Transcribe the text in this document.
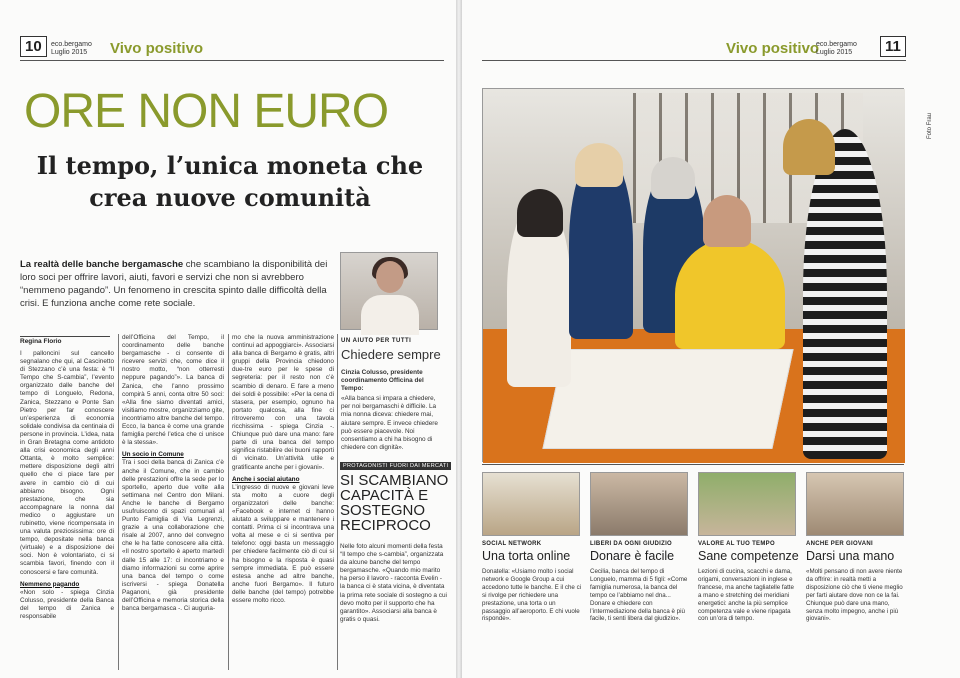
10	Vivo positivo
eco.bergamo
Luglio 2015
ORE NON EURO
Il tempo, l’unica moneta che crea nuove comunità
La realtà delle banche bergamasche che scambiano la disponibilità dei loro soci per offrire lavori, aiuti, favori e servizi che non si avrebbero “nemmeno pagando”. Un fenomeno in crescita spinto dalle difficoltà della crisi. E funziona anche come rete sociale.
Regina Florio
I palloncini sul cancello segnalano che qui, al Cascinetto di Stezzano c’è una festa: è “Il Tempo che S-cambia”, l’evento organizzato dalle banche del tempo di Longuelo, Redona, Zanica, Stezzano e Ponte San Pietro per far conoscere un’esperienza di economia solidale condivisa da centinaia di persone in provincia. L’idea, nata in Gran Bretagna come antidoto alla crisi economica degli anni Ottanta, è molto semplice: mettere disposizione degli altri quello che ci piace fare per avere in cambio ciò di cui abbiamo bisogno. Ogni prestazione, che sia accompagnare la nonna dal medico o aggiustare un rubinetto, viene ricompensata in una valuta preziosissima: ore di tempo, depositate nella banca (virtuale) e a disposizione dei soci. Non è volontariato, ci si scambia favori, finendo con il conoscersi e fare comunità.
Nemmeno pagando
«Non solo - spiega Cinzia Colusso, presidente della Banca del tempo di Zanica e responsabile
dell’Officina del Tempo, il coordinamento delle banche bergamasche - ci consente di ricevere servizi che, come dice il nostro motto, “non otterresti neppure pagando”». La banca di Zanica, che l’anno prossimo compirà 5 anni, conta oltre 50 soci: «Alla fine siamo diventati amici, visitiamo mostre, organizziamo gite, incontriamo altre banche del tempo. Ecco, la banca è come una grande famiglia perché l’etica che ci unisce è la stessa».
Un socio in Comune
Tra i soci della banca di Zanica c’è anche il Comune, che in cambio delle prestazioni offre la sede per lo sportello, aperto due volte alla settimana nel Centro don Milani. Anche le banche di Bergamo usufruiscono di spazi comunali al Punto Famiglia di Via Legrenzi, grazie a una collaborazione che risale al 2007, anno del convegno che le ha fatte conoscere alla città. «Il nostro sportello è aperto martedì dalle 15 alle 17: ci incontriamo e diamo informazioni su come aprire una banca del tempo o come iscriversi - spiega Donatella Paganoni, già presidente dell’Officina e memoria storica della banca bergamasca -. Ci auguria-
mo che la nuova amministrazione continui ad appoggiarci». Associarsi alla banca di Bergamo è gratis, altri gruppi della Provincia chiedono due-tre euro per le spese di segreteria: per il resto non c’è scambio di denaro. E fare a meno dei soldi è possibile: «Per la cena di stasera, per esempio, ognuno ha portato qualcosa, alla fine ci ritroveremo con una tavola ricchissima - spiega Cinzia -. Chiunque può dare una mano: fare parte di una banca del tempo significa ristabilire dei buoni rapporti di vicinato. Un’attività utile e gratificante anche per i giovani».
Anche i social aiutano
L’ingresso di nuove e giovani leve sta molto a cuore degli organizzatori delle banche: «Facebook e internet ci hanno aiutato a sviluppare e mantenere i contatti. Prima ci si incontrava una volta al mese e ci si sentiva per telefono: oggi basta un messaggio per chiedere facilmente ciò di cui si ha bisogno e la risposta è quasi sempre immediata. E può essere estesa anche ad altre banche, anche fuori Bergamo». Il futuro delle banche (del tempo) potrebbe essere molto ricco.
UN AIUTO PER TUTTI
Chiedere sempre
Cinzia Colusso, presidente coordinamento Officina del Tempo:
«Alla banca si impara a chiedere, per noi bergamaschi è difficile. La mia nonna diceva: chiedere mai, aiutare sempre. E invece chiedere può essere piacevole. Noi consentiamo a chi ha bisogno di chiedere con dignità».
PROTAGONISTI FUORI DAI MERCATI
SI SCAMBIANO CAPACITÀ E SOSTEGNO RECIPROCO
Nelle foto alcuni momenti della festa “Il tempo che s-cambia”, organizzata da alcune banche del tempo bergamasche. «Quando mio marito ha perso il lavoro - racconta Evelin - la banca ci è stata vicina, è diventata la prima rete sociale di sostegno a cui devo molto per il supporto che ha garantito». Associarsi alla banca è gratis o quasi.
Vivo positivo
eco.bergamo
Luglio 2015	11
Foto Frau
SOCIAL NETWORK
Una torta online
Donatella: «Usiamo molto i social network e Google Group a cui accedono tutte le banche. E il che ci si rivolge per richiedere una prestazione, una torta o un passaggio all’aeroporto. E chi vuole risponde».
LIBERI DA OGNI GIUDIZIO
Donare è facile
Cecilia, banca del tempo di Longuelo, mamma di 5 figli: «Come famiglia numerosa, la banca del tempo ce l’abbiamo nel dna... Donare e chiedere con l’intermediazione della banca è più facile, ti senti libera dal giudizio».
VALORE AL TUO TEMPO
Sane competenze
Lezioni di cucina, scacchi e dama, origami, conversazioni in inglese e francese, ma anche tagliatelle fatte a mano e stretching dei meridiani energetici: anche la più semplice competenza vale e viene ripagata con un’ora di tempo.
ANCHE PER GIOVANI
Darsi una mano
«Molti pensano di non avere niente da offrire: in realtà metti a disposizione ciò che ti viene meglio per farti aiutare dove non ce la fai. Chiunque può dare una mano, senza molto impegno, anche i più giovani».
